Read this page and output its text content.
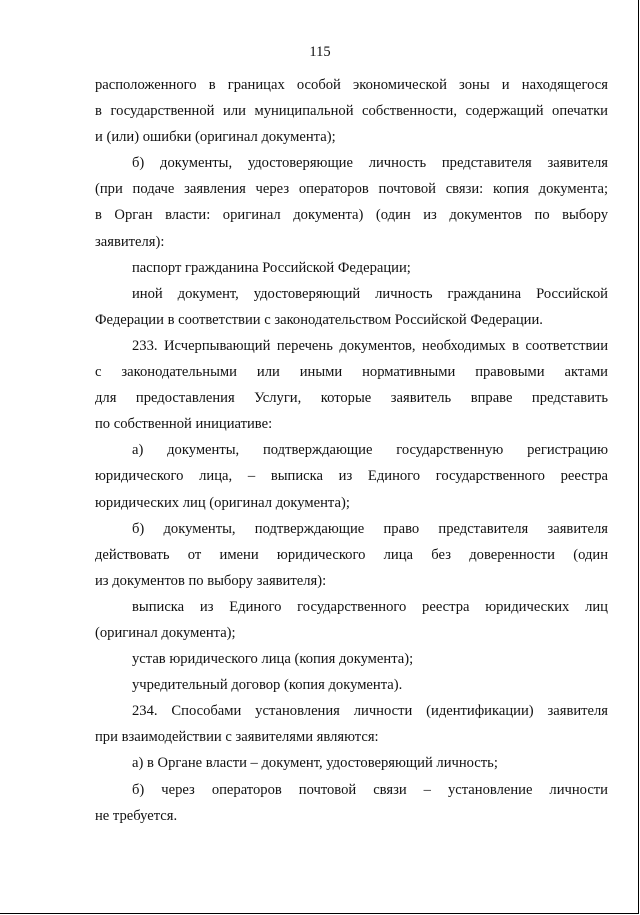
115
расположенного в границах особой экономической зоны и находящегося
в государственной или муниципальной собственности, содержащий опечатки
и (или) ошибки (оригинал документа);
б) документы, удостоверяющие личность представителя заявителя
(при подаче заявления через операторов почтовой связи: копия документа;
в Орган власти: оригинал документа) (один из документов по выбору
заявителя):
паспорт гражданина Российской Федерации;
иной документ, удостоверяющий личность гражданина Российской
Федерации в соответствии с законодательством Российской Федерации.
233. Исчерпывающий перечень документов, необходимых в соответствии
с законодательными или иными нормативными правовыми актами
для предоставления Услуги, которые заявитель вправе представить
по собственной инициативе:
а) документы, подтверждающие государственную регистрацию
юридического лица, – выписка из Единого государственного реестра
юридических лиц (оригинал документа);
б) документы, подтверждающие право представителя заявителя
действовать от имени юридического лица без доверенности (один
из документов по выбору заявителя):
выписка из Единого государственного реестра юридических лиц
(оригинал документа);
устав юридического лица (копия документа);
учредительный договор (копия документа).
234. Способами установления личности (идентификации) заявителя
при взаимодействии с заявителями являются:
а) в Органе власти – документ, удостоверяющий личность;
б) через операторов почтовой связи – установление личности
не требуется.
